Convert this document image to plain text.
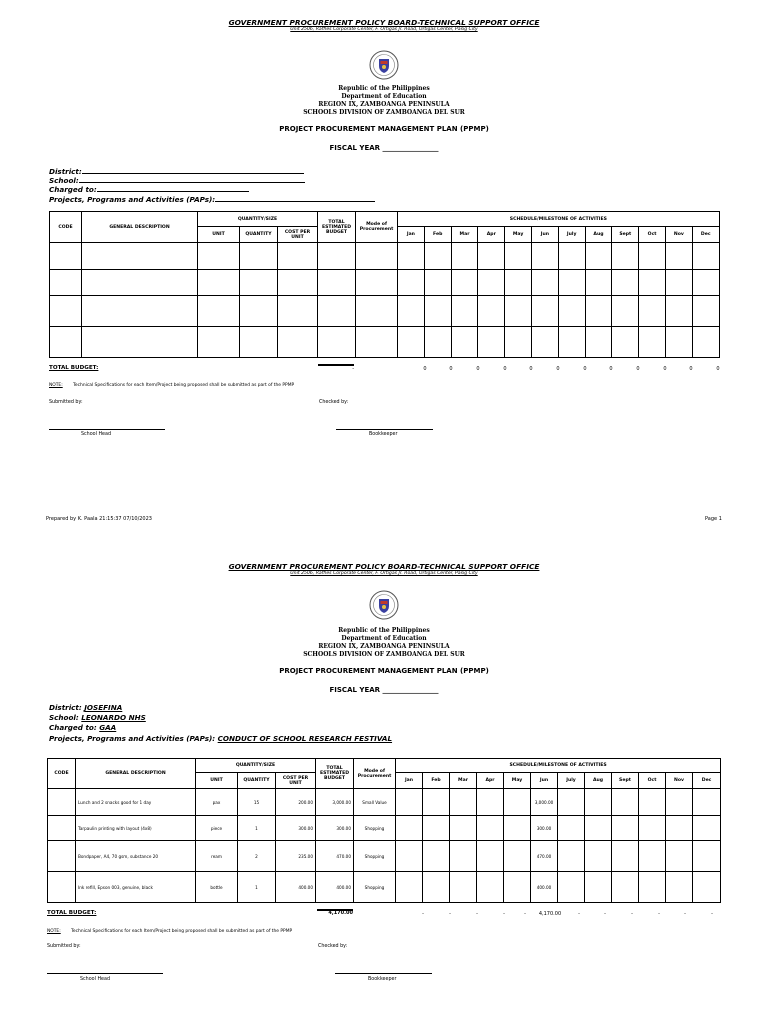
GOVERNMENT PROCUREMENT POLICY BOARD-TECHNICAL SUPPORT OFFICE
Unit 2506, Raffles Corporate Center, F. Ortigas Jr. Road, Ortigas Center, Pasig City
Republic of the Philippines
Department of Education
REGION IX, ZAMBOANGA PENINSULA
SCHOOLS DIVISION OF ZAMBOANGA DEL SUR
PROJECT PROCUREMENT MANAGEMENT PLAN (PPMP)
FISCAL YEAR ________________
District:
School:
Charged to:
Projects, Programs and Activities (PAPs):
CODE	GENERAL DESCRIPTION	QUANTITY/SIZE			TOTAL ESTIMATED BUDGET	Mode of Procurement	SCHEDULE/MILESTONE OF ACTIVITIES											
		UNIT	QUANTITY	COST PER UNIT			Jan	Feb	Mar	Apr	May	Jun	July	Aug	Sept	Oct	Nov	Dec

TOTAL BUDGET:	-	0	0	0	0	0	0	0	0	0	0	0	0
NOTE: Technical Specifications for each Item/Project being proposed shall be submitted as part of the PPMP
Submitted by:	Checked by:
School Head	Bookkeeper
Prepared by K. Paala 21:15:37 07/10/2023	Page 1
GOVERNMENT PROCUREMENT POLICY BOARD-TECHNICAL SUPPORT OFFICE
Unit 2506, Raffles Corporate Center, F. Ortigas Jr. Road, Ortigas Center, Pasig City
Republic of the Philippines
Department of Education
REGION IX, ZAMBOANGA PENINSULA
SCHOOLS DIVISION OF ZAMBOANGA DEL SUR
PROJECT PROCUREMENT MANAGEMENT PLAN (PPMP)
FISCAL YEAR ________________
District: JOSEFINA
School: LEONARDO NHS
Charged to: GAA
Projects, Programs and Activities (PAPs): CONDUCT OF SCHOOL RESEARCH FESTIVAL
CODE	GENERAL DESCRIPTION	QUANTITY/SIZE			TOTAL ESTIMATED BUDGET	Mode of Procurement	SCHEDULE/MILESTONE OF ACTIVITIES											
		UNIT	QUANTITY	COST PER UNIT			Jan	Feb	Mar	Apr	May	Jun	July	Aug	Sept	Oct	Nov	Dec
	Lunch and 2 snacks good for 1 day	pax	15	200.00	3,000.00	Small Value						3,000.00						
	Tarpaulin printing with layout (4x8)	piece	1	300.00	300.00	Shopping						300.00						
	Bondpaper, A4, 70 gsm, substance 20	ream	2	235.00	470.00	Shopping						470.00						
	Ink refill, Epson 003, genuine, black	bottle	1	400.00	400.00	Shopping						400.00						
TOTAL BUDGET:	4,170.00	-	-	-	-	-	4,170.00	-	-	-	-	-	-
NOTE: Technical Specifications for each Item/Project being proposed shall be submitted as part of the PPMP
Submitted by:	Checked by:
School Head	Bookkeeper
